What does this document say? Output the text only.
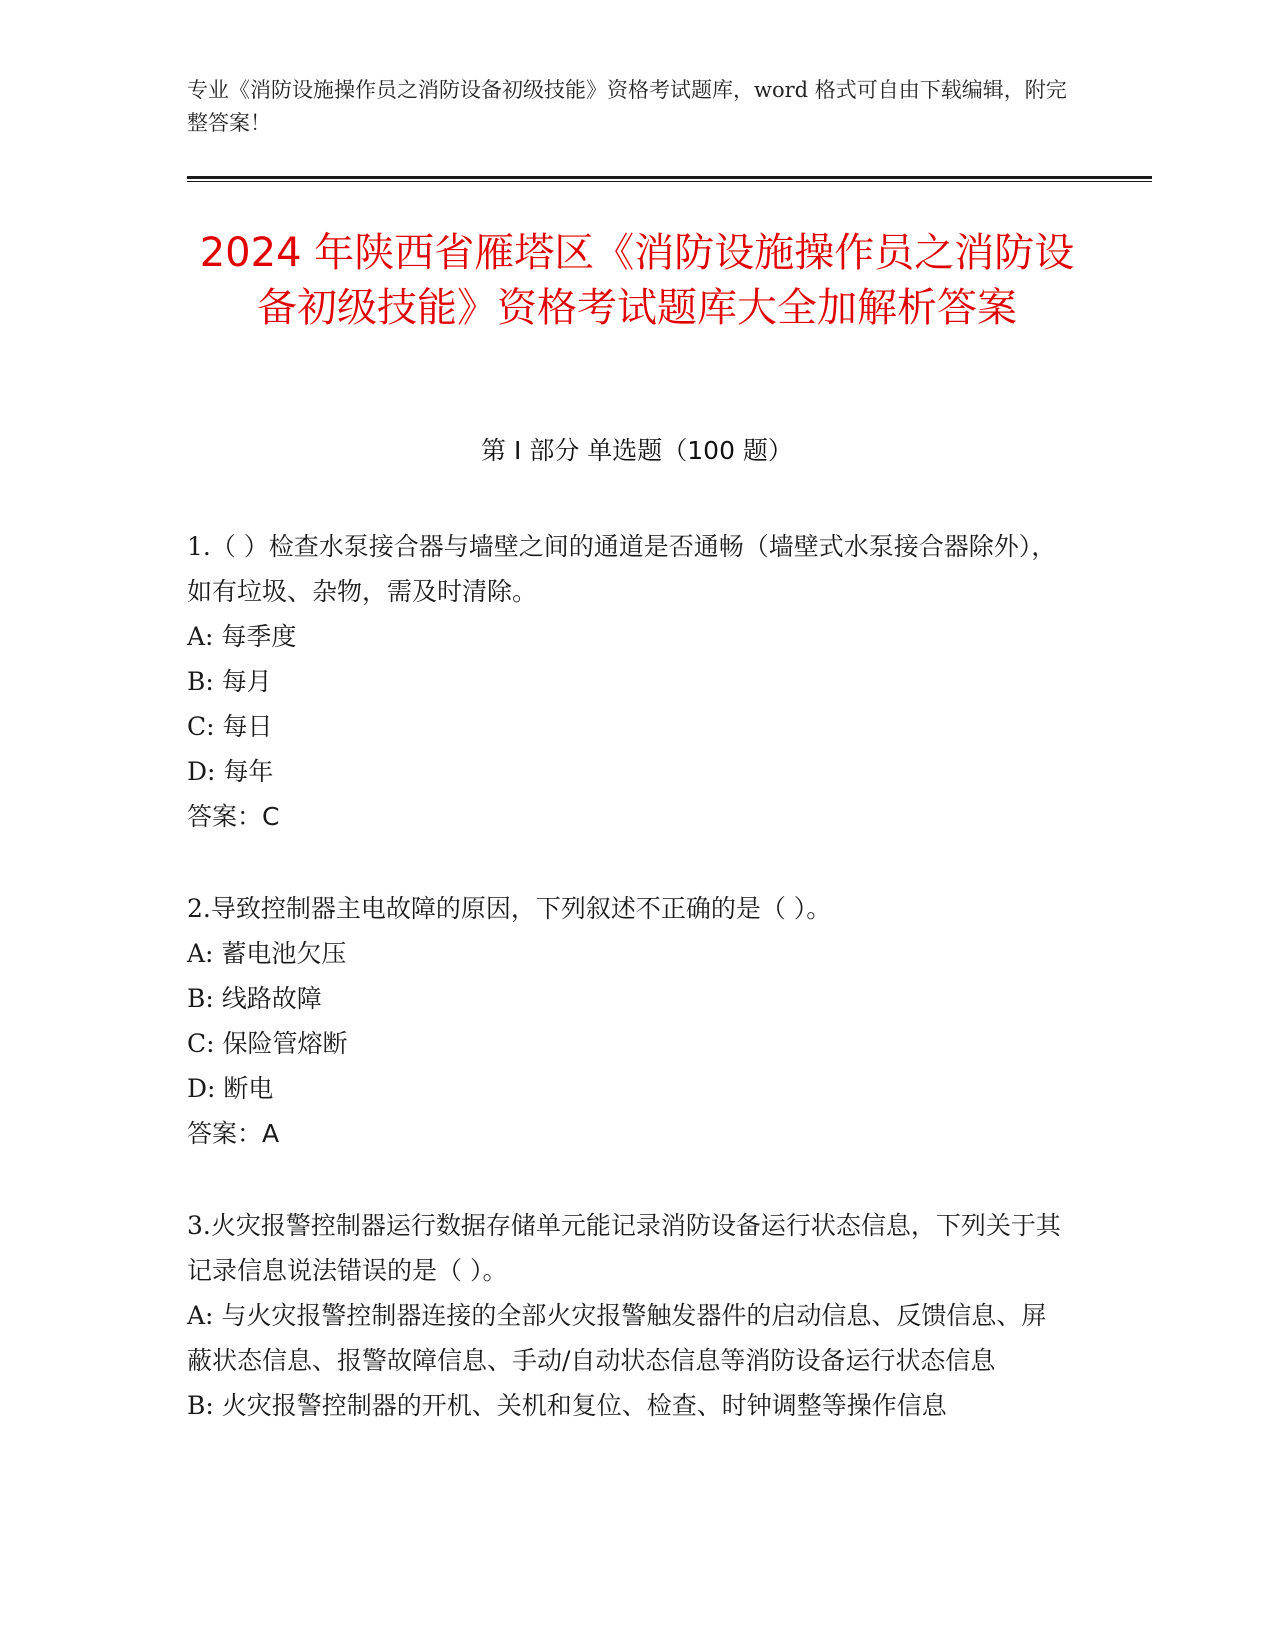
专业《消防设施操作员之消防设备初级技能》资格考试题库，word 格式可自由下载编辑，附完整答案！
2024 年陕西省雁塔区《消防设施操作员之消防设备初级技能》资格考试题库大全加解析答案
第 I 部分 单选题（100 题）

1.（ ）检查水泵接合器与墙壁之间的通道是否通畅（墙壁式水泵接合器除外），如有垃圾、杂物，需及时清除。

A: 每季度

B: 每月

C: 每日

D: 每年

答案：C

2.导致控制器主电故障的原因，下列叙述不正确的是（ ）。

A: 蓄电池欠压

B: 线路故障

C: 保险管熔断

D: 断电

答案：A

3.火灾报警控制器运行数据存储单元能记录消防设备运行状态信息，下列关于其记录信息说法错误的是（ ）。

A: 与火灾报警控制器连接的全部火灾报警触发器件的启动信息、反馈信息、屏蔽状态信息、报警故障信息、手动/自动状态信息等消防设备运行状态信息

B: 火灾报警控制器的开机、关机和复位、检查、时钟调整等操作信息
